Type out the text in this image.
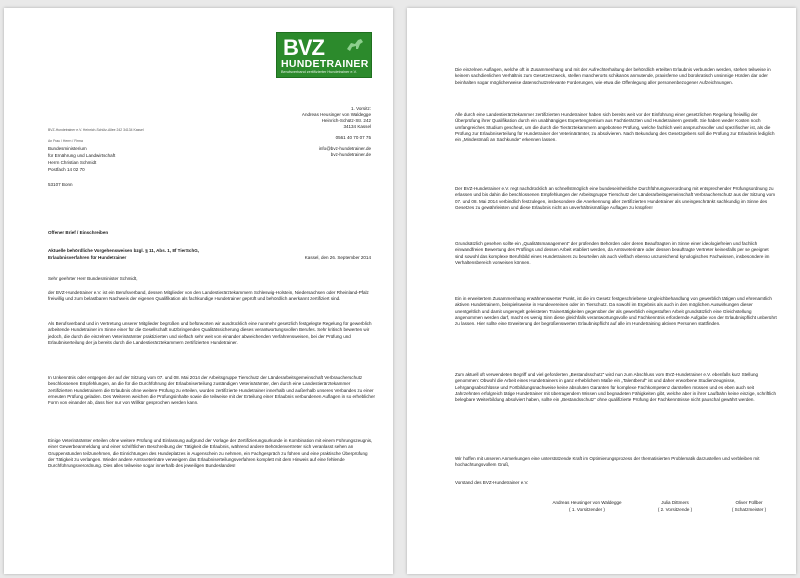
BVZ
HUNDETRAINER
Berufsverband zertifizierter Hundetrainer e.V.

1. Vorsitz:

Andreas Heusinger von Waldegge

Heinrich-Schütz-Str. 242

34134 Kassel

0561 40 70 07 75

info@bvz-hundetrainer.de

bvz-hundetrainer.de

BVZ-Hundetrainer e.V. Heinrich-Schütz-Allee 242 34134 Kassel

An Frau / Herrn / Firma

Bundesministerium

für Ernährung und Landwirtschaft

Herrn Christian Schmidt

Postfach 14 02 70

53107 Bonn

Offener Brief / Einschreiben

Aktuelle behördliche Vorgehensweisen bzgl. § 11, Abs. 1, 8f TierSchG,

Erlaubnisverfahren für Hundetrainer	Kassel, den 26. September 2014

Sehr geehrter Herr Bundesminister Schmidt,

der BVZ-Hundetrainer e.V. ist ein Berufsverband, dessen Mitglieder von den Landestierärztekammern Schleswig-Holstein, Niedersachsen oder Rheinland-Pfalz freiwillig und zum belastbaren Nachweis der eigenen Qualifikation als fachkundige Hundetrainer geprüft und behördlich anerkannt zertifiziert sind.

Als Berufsverband und in Vertretung unserer Mitglieder begrüßen und befürworten wir ausdrücklich eine nunmehr gesetzlich festgelegte Regelung für gewerblich arbeitende Hundetrainer im Sinne einer für die Gesellschaft nutzbringenden Qualitätssicherung dieses verantwortungsvollen Berufes. Sehr kritisch bewerten wir jedoch, die durch die einzelnen Veterinärämter praktizierten und vielfach sehr weit von einander abweichenden Verfahrensweisen, bei der Prüfung und Erlaubniserteilung der ja bereits durch die Landestierärztekammern zertifizierten Hundetrainer.

In Unkenntnis oder entgegen der auf der Sitzung vom 07. und 08. Mai 2014 der Arbeitsgruppe Tierschutz der Länderarbeitsgemeinschaft Verbraucherschutz beschlossenen Empfehlungen, an die für die Durchführung der Erlaubniserteilung zuständigen Veterinärämter, den durch eine Landestierärztekammer zertifizierten Hundetrainern die Erlaubnis ohne weitere Prüfung zu erteilen, wurden zertifizierte Hundetrainer innerhalb und außerhalb unseres Verbandes zu einer erneuten Prüfung geladen. Des Weiteren weichen die Prüfungsinhalte sowie die teilweise mit der Erteilung einer Erlaubnis verbundenen Auflagen in so erheblicher Form von einander ab, dass hier nur von Willkür gesprochen werden kann.

Einige Veterinärämter erteilen ohne weitere Prüfung und Einlassung aufgrund der Vorlage der Zertifizierungsurkunde in Kombination mit einem Führungszeugnis, einer Gewerbeanmeldung und einer schriftlichen Beschreibung der Tätigkeit die Erlaubnis, während andere Behördenvertreter sich veranlasst sehen an Gruppenstunden teilzunehmen, die Einrichtungen des Hundeplatzes in Augenschein zu nehmen, ein Fachgespräch zu führen und eine praktische Überprüfung der Tätigkeit zu verlangen. Wieder andere Amtsveterinäre verweigern das Erlaubniserteilungsverfahren komplett mit dem Hinweis auf eine fehlende Durchführungsverordnung. Dies alles teilweise sogar innerhalb des jeweiligen Bundeslandes!

Die einzelnen Auflagen, welche oft in Zusammenhang und mit der Aufrechterhaltung der behördlich erteilten Erlaubnis verbunden werden, stehen teilweise in keinem sachdienlichen Verhältnis zum Gesetzeszweck, stellen mancherorts schikanös anmutende, praxisferne und bürokratisch unsinnige Hürden dar oder beinhalten sogar möglicherweise datenschutzrelevante Forderungen, wie etwa die Offenlegung aller personenbezogener Aufzeichnungen.

Alle durch eine Landestierärztekammer zertifizierten Hundetrainer haben sich bereits weit vor der Einführung einer gesetzlichen Regelung freiwillig der Überprüfung ihrer Qualifikation durch ein unabhängiges Expertengremium aus Fachtierärzten und Hundetrainern gestellt. Sie haben weder Kosten noch umfangreiches Studium gescheut, um die durch die Tierärztekammern angebotene Prüfung, welche fachlich weit anspruchsvoller und spezifischer ist, als die Prüfung zur Erlaubniserteilung für Hundetrainer der Veterinärämter, zu absolvieren. Nach Bekundung des Gesetzgebers soll die Prüfung zur Erlaubnis lediglich ein „Mindestmaß an Sachkunde“ erkennen lassen.

Der BVZ-Hundetrainer e.V. regt nachdrücklich an schnellstmöglich eine bundeseinheitliche Durchführungsverordnung mit entsprechender Prüfungsordnung zu erlassen und bis dahin die beschlossenen Empfehlungen der Arbeitsgruppe Tierschutz der Länderarbeitsgemeinschaft Verbraucherschutz aus der Sitzung vom 07. und 08. Mai 2014 verbindlich festzulegen, insbesondere die Anerkennung aller zertifizierten Hundetrainer als uneingeschränkt sachkundig im Sinne des Gesetzes zu gewährleisten und diese Erlaubnis nicht an unverhältnismäßige Auflagen zu knüpfen!

Grundsätzlich gesehen sollte ein „Qualitätsmanagement“ der prüfenden Behörden oder deren Beauftragten im Sinne einer ideologiefreien und fachlich einwandfreien Bewertung des Prüflings und dessen Arbeit etabliert werden, da Amtsveterinäre oder dessen beauftragte Vertreter keinesfalls per se geeignet sind sowohl das komplexe Berufsbild eines Hundetrainers zu beurteilen als auch vielfach ebenso unzureichend kynologisches Fachwissen, insbesondere im Verhaltensbereich vorweisen können.

Ein in erweitertem Zusammenhang erwähnenswerter Punkt, ist die im Gesetz festgeschriebene Ungleichbehandlung von gewerblich tätigen und ehrenamtlich aktiven Hundetrainern, beispielsweise in Hundevereinen oder im Tierschutz. Da sowohl im Ergebnis als auch in den möglichen Auswirkungen dieser unentgeltlich und damit ungeregelt geleisteten Trainertätigkeiten gegenüber der als gewerblich eingestuften Arbeit grundsätzlich eine Gleichstellung angenommen werden darf, macht es wenig Sinn diese gleichfalls verantwortungsvolle und Fachkenntnis erfordernde Aufgabe von der Erlaubnispflicht unberührt zu lassen. Hier sollte eine Erweiterung der begrüßenswerten Erlaubnispflicht auf alle im Hundetraining aktiven Personen stattfinden.

Zum aktuell oft verwendeten Begriff und viel geforderten „Bestandsschutz“ wird nun zum Abschluss vom BVZ-Hundetrainer e.V. ebenfalls kurz Stellung genommen: Obwohl die Arbeit eines Hundetrainers in ganz erheblichem Maße ein „Talentberuf“ ist und daher erworbene Studienzeugnisse, Lehrgangsabschlüsse und Fortbildungsnachweise keine absoluten Garanten für komplexe Fachkompetenz darstellen müssen und es eben auch seit Jahrzehnten erfolgreich tätige Hundetrainer mit überragendem Wissen und begnadeten Fähigkeiten gibt, welche aber in ihrer Laufbahn keine einzige, schriftlich belegbare Weiterbildung absolviert haben, sollte ein „Bestandsschutz“ ohne qualifizierte Prüfung der Fachkenntnisse nicht pauschal gewährt werden.

Wir hoffen mit unseren Anmerkungen eine unterstützende Kraft im Optimierungsprozess der thematisierten Problematik darzustellen und verbleiben mit hochachtungsvollem Gruß,

Vorstand des BVZ-Hundetrainer e.V.

Andreas Heusinger von Waldegge

( 1. Vorsitzender )

Julia Dittmers

( 2. Vorsitzende )

Oliver Füllber

( Schatzmeister )
